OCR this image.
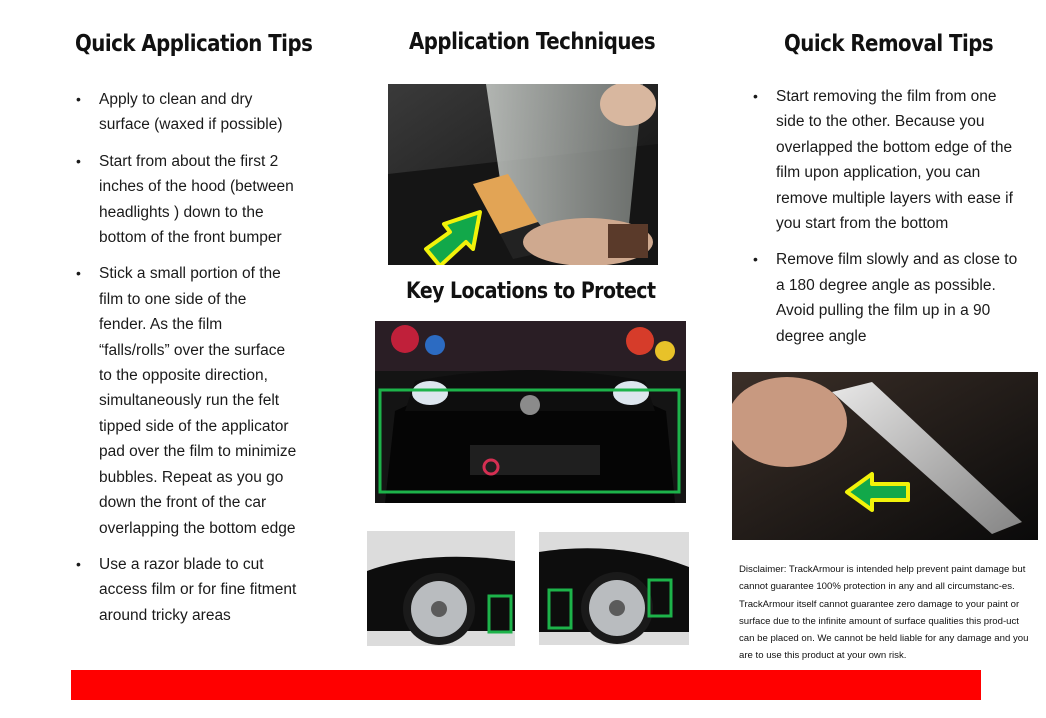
Quick Application Tips
• Apply to clean and dry surface (waxed if possible)
• Start from about the first 2 inches of the hood (between headlights ) down to the bottom of the front bumper
• Stick a small portion of the film to one side of the fender. As the film “falls/rolls” over the surface to the opposite direction, simultaneously run the felt tipped side of the applicator pad over the film to minimize bubbles. Repeat as you go down the front of the car overlapping the bottom edge
• Use a razor blade to cut access film or for fine fitment around tricky areas
Application Techniques
Key Locations to Protect
Quick Removal Tips
• Start removing the film from one side to the other. Because you overlapped the bottom edge of the film upon application, you can remove multiple layers with ease if you start from the bottom
• Remove film slowly and as close to a 180 degree angle as possible. Avoid pulling the film up in a 90 degree angle
Disclaimer: TrackArmour is intended help prevent paint damage but cannot guarantee 100% protection in any and all circumstanc-es. TrackArmour itself cannot guarantee zero damage to your paint or surface due to the infinite amount of surface qualities this prod-uct can be placed on. We cannot be held liable for any damage and you are to use this product at your own risk.
